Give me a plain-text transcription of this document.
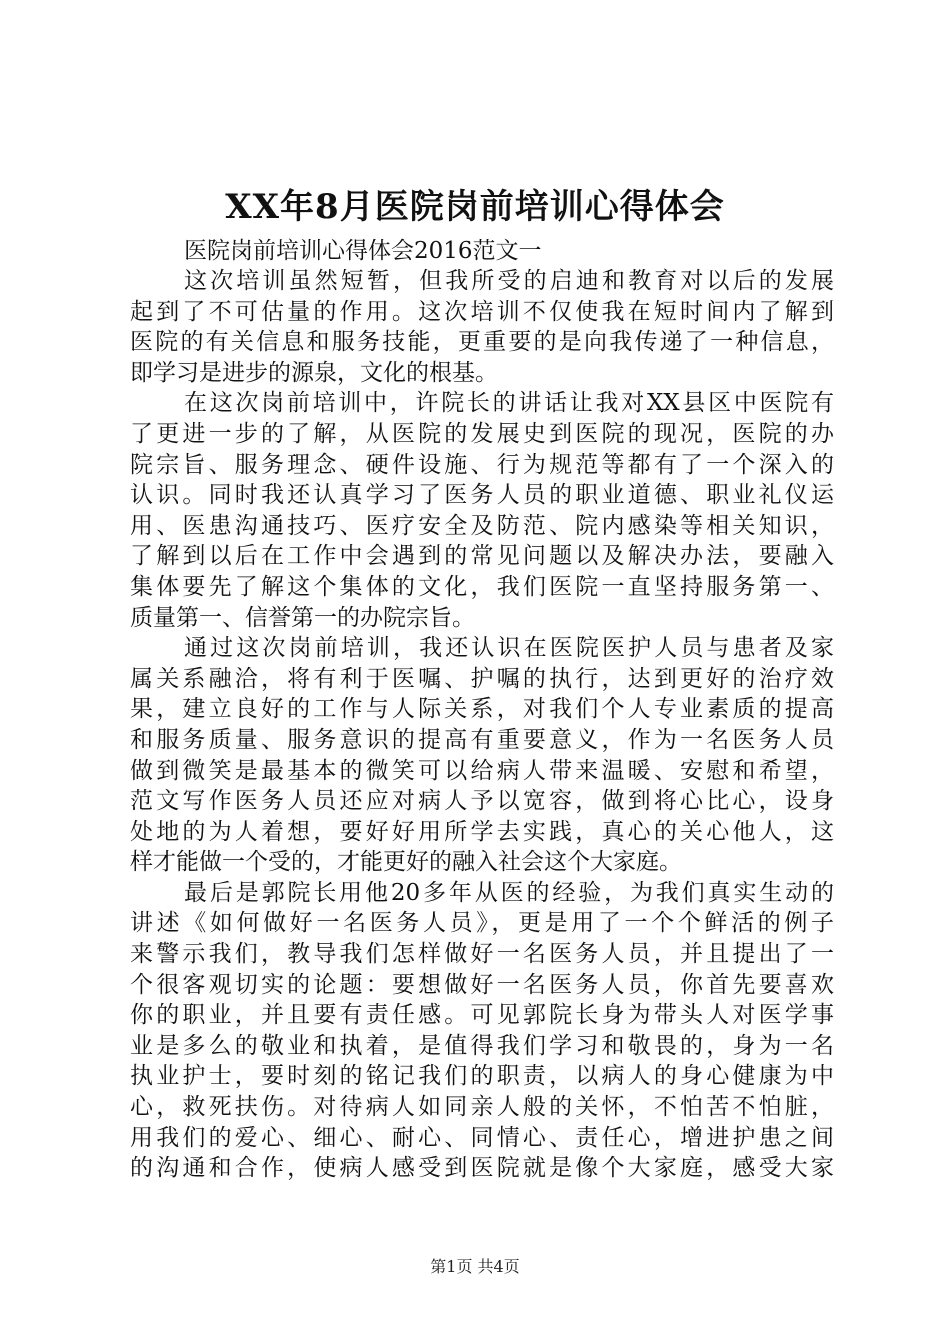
XX年8月医院岗前培训心得体会
医院岗前培训心得体会2016范文一
这次培训虽然短暂，但我所受的启迪和教育对以后的发展
起到了不可估量的作用。这次培训不仅使我在短时间内了解到
医院的有关信息和服务技能，更重要的是向我传递了一种信息，
即学习是进步的源泉，文化的根基。
在这次岗前培训中，许院长的讲话让我对XX县区中医院有
了更进一步的了解，从医院的发展史到医院的现况，医院的办
院宗旨、服务理念、硬件设施、行为规范等都有了一个深入的
认识。同时我还认真学习了医务人员的职业道德、职业礼仪运
用、医患沟通技巧、医疗安全及防范、院内感染等相关知识，
了解到以后在工作中会遇到的常见问题以及解决办法，要融入
集体要先了解这个集体的文化，我们医院一直坚持服务第一、
质量第一、信誉第一的办院宗旨。
通过这次岗前培训，我还认识在医院医护人员与患者及家
属关系融洽，将有利于医嘱、护嘱的执行，达到更好的治疗效
果，建立良好的工作与人际关系，对我们个人专业素质的提高
和服务质量、服务意识的提高有重要意义，作为一名医务人员
做到微笑是最基本的微笑可以给病人带来温暖、安慰和希望，
范文写作医务人员还应对病人予以宽容，做到将心比心，设身
处地的为人着想，要好好用所学去实践，真心的关心他人，这
样才能做一个受的，才能更好的融入社会这个大家庭。
最后是郭院长用他20多年从医的经验，为我们真实生动的
讲述《如何做好一名医务人员》，更是用了一个个鲜活的例子
来警示我们，教导我们怎样做好一名医务人员，并且提出了一
个很客观切实的论题：要想做好一名医务人员，你首先要喜欢
你的职业，并且要有责任感。可见郭院长身为带头人对医学事
业是多么的敬业和执着，是值得我们学习和敬畏的，身为一名
执业护士，要时刻的铭记我们的职责，以病人的身心健康为中
心，救死扶伤。对待病人如同亲人般的关怀，不怕苦不怕脏，
用我们的爱心、细心、耐心、同情心、责任心，增进护患之间
的沟通和合作，使病人感受到医院就是像个大家庭，感受大家
第1页 共4页
